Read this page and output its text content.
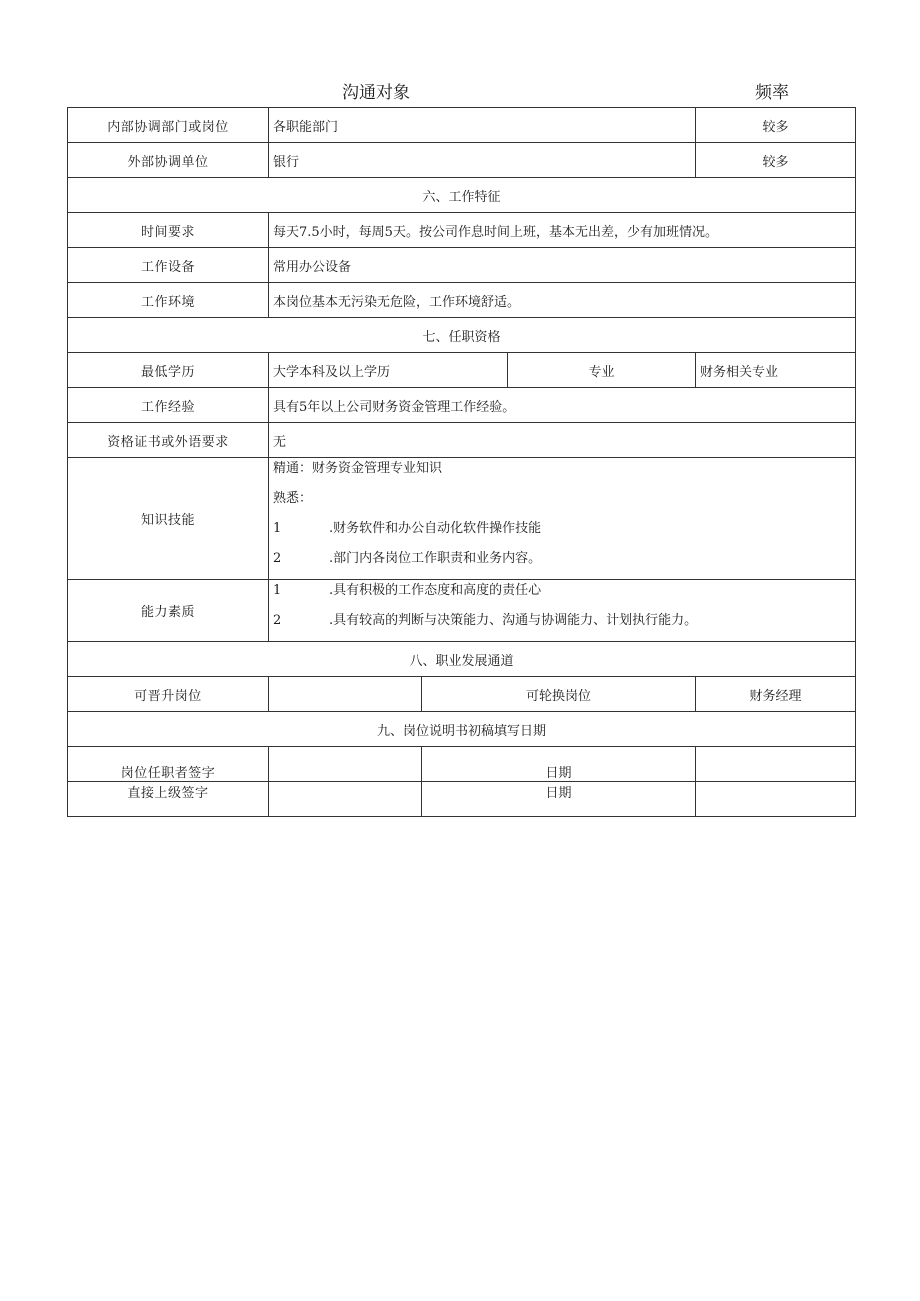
沟通对象	频率
内部协调部门或岗位	各职能部门			较多
外部协调单位	银行			较多
六、工作特征				
时间要求	每天7.5小时，每周5天。按公司作息时间上班，基本无出差，少有加班情况。			
工作设备	常用办公设备			
工作环境	本岗位基本无污染无危险，工作环境舒适。			
七、任职资格				
最低学历	大学本科及以上学历		专业	财务相关专业
工作经验	具有5年以上公司财务资金管理工作经验。			
资格证书或外语要求	无			
知识技能	精通：财务资金管理专业知识
熟悉：
1 .财务软件和办公自动化软件操作技能
2 .部门内各岗位工作职责和业务内容。			

能力素质	1 .具有积极的工作态度和高度的责任心
2 .具有较高的判断与决策能力、沟通与协调能力、计划执行能力。			

八、职业发展通道				
可晋升岗位		可轮换岗位		财务经理
九、岗位说明书初稿填写日期				
岗位任职者签字		日期		
直接上级签字		日期		
